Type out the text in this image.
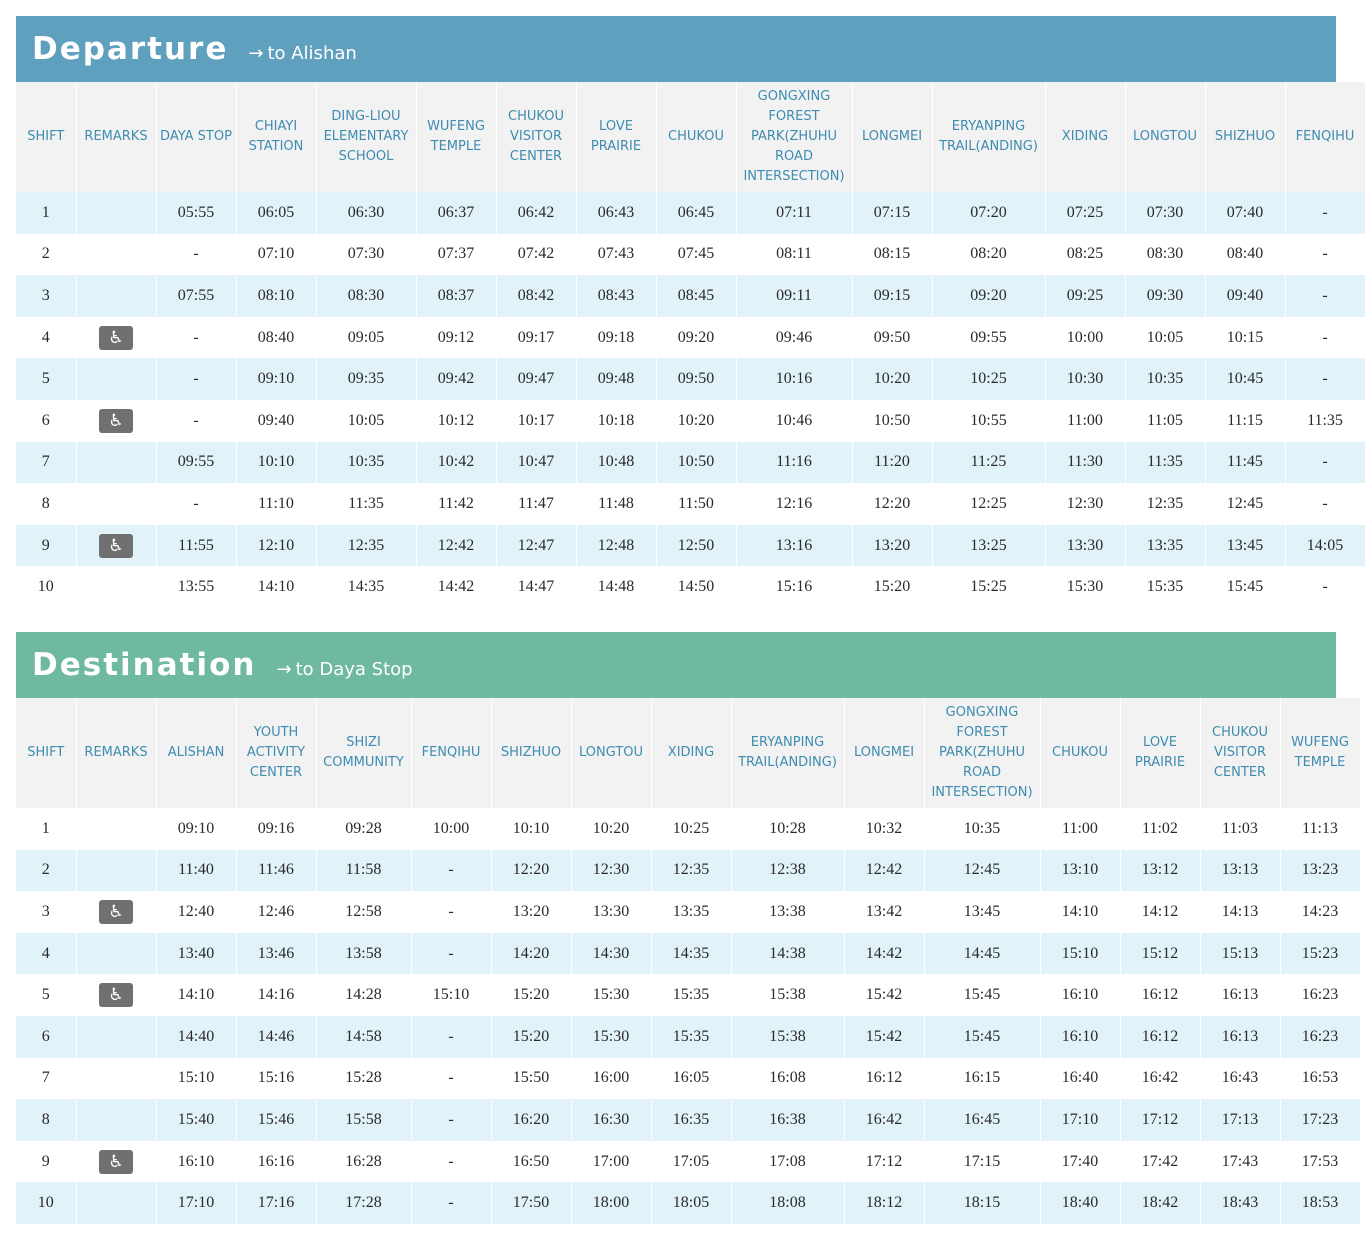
Departure → to Alishan
SHIFT	REMARKS	DAYA STOP	CHIAYI STATION	DING-LIOU ELEMENTARY SCHOOL	WUFENG TEMPLE	CHUKOU VISITOR CENTER	LOVE PRAIRIE	CHUKOU	GONGXING FOREST PARK(ZHUHU ROAD INTERSECTION)	LONGMEI	ERYANPING TRAIL(ANDING)	XIDING	LONGTOU	SHIZHUO	FENQIHU
1		05:55	06:05	06:30	06:37	06:42	06:43	06:45	07:11	07:15	07:20	07:25	07:30	07:40	-
2		-	07:10	07:30	07:37	07:42	07:43	07:45	08:11	08:15	08:20	08:25	08:30	08:40	-
3		07:55	08:10	08:30	08:37	08:42	08:43	08:45	09:11	09:15	09:20	09:25	09:30	09:40	-
4	♿	-	08:40	09:05	09:12	09:17	09:18	09:20	09:46	09:50	09:55	10:00	10:05	10:15	-
5		-	09:10	09:35	09:42	09:47	09:48	09:50	10:16	10:20	10:25	10:30	10:35	10:45	-
6	♿	-	09:40	10:05	10:12	10:17	10:18	10:20	10:46	10:50	10:55	11:00	11:05	11:15	11:35
7		09:55	10:10	10:35	10:42	10:47	10:48	10:50	11:16	11:20	11:25	11:30	11:35	11:45	-
8		-	11:10	11:35	11:42	11:47	11:48	11:50	12:16	12:20	12:25	12:30	12:35	12:45	-
9	♿	11:55	12:10	12:35	12:42	12:47	12:48	12:50	13:16	13:20	13:25	13:30	13:35	13:45	14:05
10		13:55	14:10	14:35	14:42	14:47	14:48	14:50	15:16	15:20	15:25	15:30	15:35	15:45	-
Destination → to Daya Stop
SHIFT	REMARKS	ALISHAN	YOUTH ACTIVITY CENTER	SHIZI COMMUNITY	FENQIHU	SHIZHUO	LONGTOU	XIDING	ERYANPING TRAIL(ANDING)	LONGMEI	GONGXING FOREST PARK(ZHUHU ROAD INTERSECTION)	CHUKOU	LOVE PRAIRIE	CHUKOU VISITOR CENTER	WUFENG TEMPLE
1		09:10	09:16	09:28	10:00	10:10	10:20	10:25	10:28	10:32	10:35	11:00	11:02	11:03	11:13
2		11:40	11:46	11:58	-	12:20	12:30	12:35	12:38	12:42	12:45	13:10	13:12	13:13	13:23
3	♿	12:40	12:46	12:58	-	13:20	13:30	13:35	13:38	13:42	13:45	14:10	14:12	14:13	14:23
4		13:40	13:46	13:58	-	14:20	14:30	14:35	14:38	14:42	14:45	15:10	15:12	15:13	15:23
5	♿	14:10	14:16	14:28	15:10	15:20	15:30	15:35	15:38	15:42	15:45	16:10	16:12	16:13	16:23
6		14:40	14:46	14:58	-	15:20	15:30	15:35	15:38	15:42	15:45	16:10	16:12	16:13	16:23
7		15:10	15:16	15:28	-	15:50	16:00	16:05	16:08	16:12	16:15	16:40	16:42	16:43	16:53
8		15:40	15:46	15:58	-	16:20	16:30	16:35	16:38	16:42	16:45	17:10	17:12	17:13	17:23
9	♿	16:10	16:16	16:28	-	16:50	17:00	17:05	17:08	17:12	17:15	17:40	17:42	17:43	17:53
10		17:10	17:16	17:28	-	17:50	18:00	18:05	18:08	18:12	18:15	18:40	18:42	18:43	18:53
